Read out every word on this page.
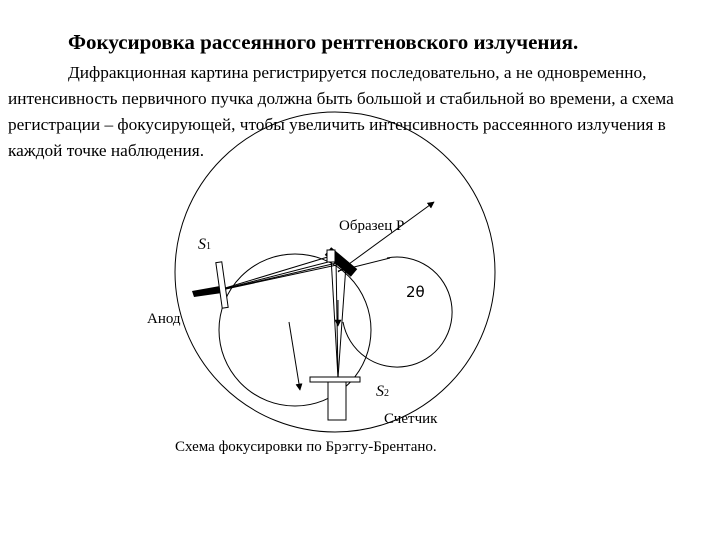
Фокусировка рассеянного рентгеновского излучения.

Дифракционная картина регистрируется последовательно, а не одновременно, интенсивность первичного пучка должна быть большой и стабильной во времени, а схема регистрации – фокусирующей, чтобы увеличить интенсивность рассеянного излучения в каждой точке наблюдения.

S1
Образец P
2θ
Анод
S2
Счетчик
Схема фокусировки по Брэггу-Брентано.
